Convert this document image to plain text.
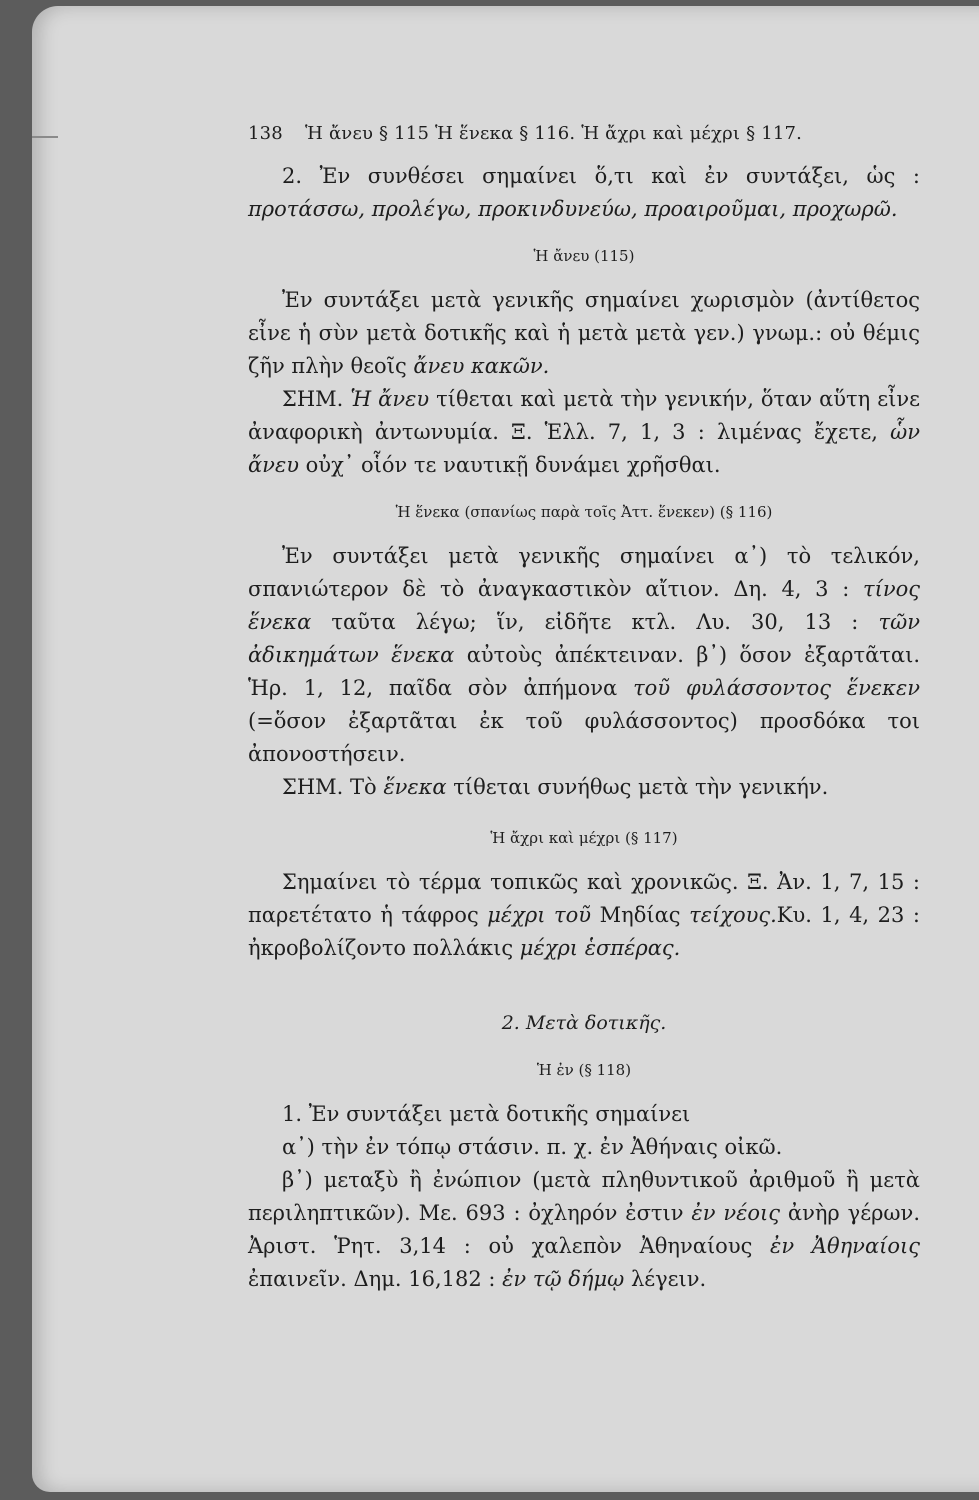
138 Ἡ ἄνευ § 115 Ἡ ἕνεκα § 116. Ἡ ἄχρι καὶ μέχρι § 117.

2. Ἐν συνθέσει σημαίνει ὅ,τι καὶ ἐν συντάξει, ὡς : προτάσσω, προλέγω, προκινδυνεύω, προαιροῦμαι, προχωρῶ.

Ἡ ἄνευ (115)

Ἐν συντάξει μετὰ γενικῆς σημαίνει χωρισμὸν (ἀντίθετος εἶνε ἡ σὺν μετὰ δοτικῆς καὶ ἡ μετὰ μετὰ γεν.) γνωμ.: οὐ θέμις ζῆν πλὴν θεοῖς ἄνευ κακῶν.

ΣΗΜ. Ἡ ἄνευ τίθεται καὶ μετὰ τὴν γενικήν, ὅταν αὕτη εἶνε ἀναφορικὴ ἀντωνυμία. Ξ. Ἑλλ. 7, 1, 3 : λιμένας ἔχετε, ὧν ἄνευ οὐχ᾽ οἷόν τε ναυτικῇ δυνάμει χρῆσθαι.

Ἡ ἕνεκα (σπανίως παρὰ τοῖς Ἀττ. ἕνεκεν) (§ 116)

Ἐν συντάξει μετὰ γενικῆς σημαίνει α᾽) τὸ τελικόν, σπανιώτερον δὲ τὸ ἀναγκαστικὸν αἴτιον. Δη. 4, 3 : τίνος ἕνεκα ταῦτα λέγω; ἵν, εἰδῆτε κτλ. Λυ. 30, 13 : τῶν ἀδικημάτων ἕνεκα αὐτοὺς ἀπέκτειναν. β᾽) ὅσον ἐξαρτᾶται. Ἡρ. 1, 12, παῖδα σὸν ἀπήμονα τοῦ φυλάσσοντος ἕνεκεν (=ὅσον ἐξαρτᾶται ἐκ τοῦ φυλάσσοντος) προσδόκα τοι ἀπονοστήσειν.

ΣΗΜ. Τὸ ἕνεκα τίθεται συνήθως μετὰ τὴν γενικήν.

Ἡ ἄχρι καὶ μέχρι (§ 117)

Σημαίνει τὸ τέρμα τοπικῶς καὶ χρονικῶς. Ξ. Ἀν. 1, 7, 15 : παρετέτατο ἡ τάφρος μέχρι τοῦ Μηδίας τείχους.Κυ. 1, 4, 23 : ἠκροβολίζοντο πολλάκις μέχρι ἑσπέρας.

2. Μετὰ δοτικῆς.
Ἡ ἐν (§ 118)

1. Ἐν συντάξει μετὰ δοτικῆς σημαίνει

α᾽) τὴν ἐν τόπῳ στάσιν. π. χ. ἐν Ἀθήναις οἰκῶ.

β᾽) μεταξὺ ἢ ἐνώπιον (μετὰ πληθυντικοῦ ἀριθμοῦ ἢ μετὰ περιληπτικῶν). Με. 693 : ὀχληρόν ἐστιν ἐν νέοις ἀνὴρ γέρων. Ἀριστ. Ῥητ. 3,14 : οὐ χαλεπὸν Ἀθηναίους ἐν Ἀθηναίοις ἐπαινεῖν. Δημ. 16,182 : ἐν τῷ δήμῳ λέγειν.
